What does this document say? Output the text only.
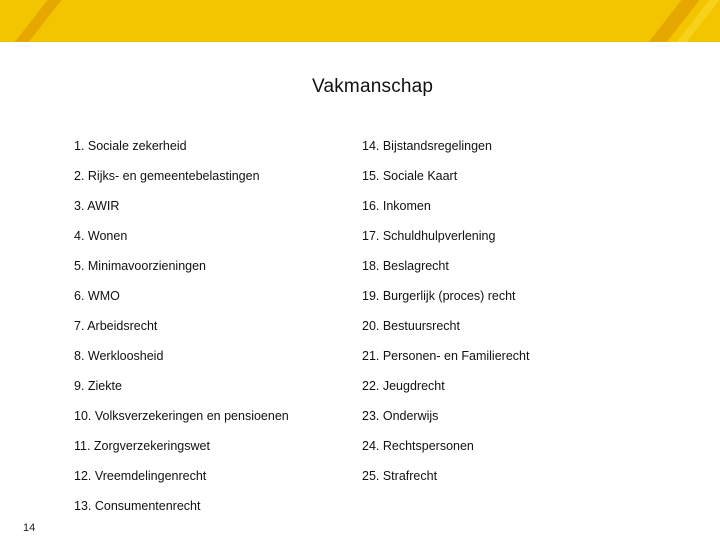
Vakmanschap
1. Sociale zekerheid
2. Rijks- en gemeentebelastingen
3. AWIR
4. Wonen
5. Minimavoorzieningen
6. WMO
7. Arbeidsrecht
8. Werkloosheid
9. Ziekte
10. Volksverzekeringen en pensioenen
11. Zorgverzekeringswet
12. Vreemdelingenrecht
13. Consumentenrecht
14. Bijstandsregelingen
15. Sociale Kaart
16. Inkomen
17. Schuldhulpverlening
18. Beslagrecht
19. Burgerlijk (proces) recht
20. Bestuursrecht
21. Personen- en Familierecht
22. Jeugdrecht
23. Onderwijs
24. Rechtspersonen
25. Strafrecht
14
